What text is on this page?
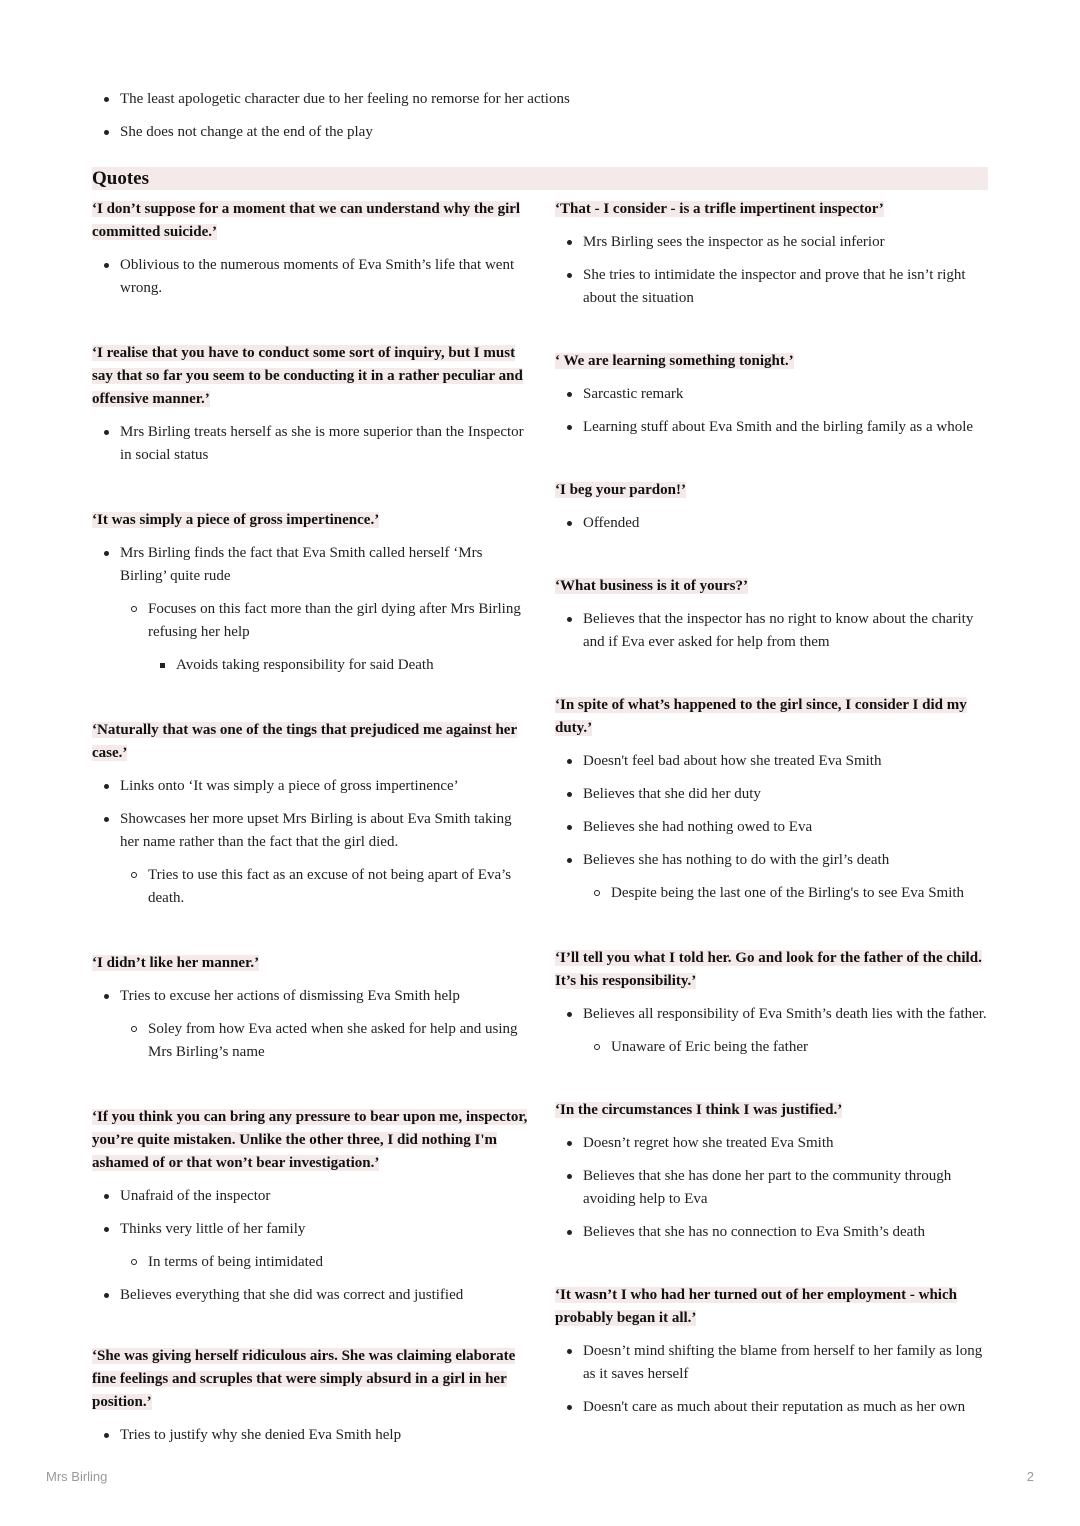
The least apologetic character due to her feeling no remorse for her actions
She does not change at the end of the play
Quotes

‘I don’t suppose for a moment that we can understand why the girl committed suicide.’

Oblivious to the numerous moments of Eva Smith’s life that went wrong.

‘I realise that you have to conduct some sort of inquiry, but I must say that so far you seem to be conducting it in a rather peculiar and offensive manner.’

Mrs Birling treats herself as she is more superior than the Inspector in social status

‘It was simply a piece of gross impertinence.’

Mrs Birling finds the fact that Eva Smith called herself ‘Mrs Birling’ quite rude
Focuses on this fact more than the girl dying after Mrs Birling refusing her help
Avoids taking responsibility for said Death

‘Naturally that was one of the tings that prejudiced me against her case.’

Links onto ‘It was simply a piece of gross impertinence’
Showcases her more upset Mrs Birling is about Eva Smith taking her name rather than the fact that the girl died.
Tries to use this fact as an excuse of not being apart of Eva’s death.

‘I didn’t like her manner.’

Tries to excuse her actions of dismissing Eva Smith help
Soley from how Eva acted when she asked for help and using Mrs Birling’s name

‘If you think you can bring any pressure to bear upon me, inspector, you’re quite mistaken. Unlike the other three, I did nothing I'm ashamed of or that won’t bear investigation.’

Unafraid of the inspector
Thinks very little of her family
In terms of being intimidated
Believes everything that she did was correct and justified

‘She was giving herself ridiculous airs. She was claiming elaborate fine feelings and scruples that were simply absurd in a girl in her position.’

Tries to justify why she denied Eva Smith help

‘That - I consider - is a trifle impertinent inspector’

Mrs Birling sees the inspector as he social inferior
She tries to intimidate the inspector and prove that he isn’t right about the situation

‘ We are learning something tonight.’

Sarcastic remark
Learning stuff about Eva Smith and the birling family as a whole

‘I beg your pardon!’

Offended

‘What business is it of yours?’

Believes that the inspector has no right to know about the charity and if Eva ever asked for help from them

‘In spite of what’s happened to the girl since, I consider I did my duty.’

Doesn't feel bad about how she treated Eva Smith
Believes that she did her duty
Believes she had nothing owed to Eva
Believes she has nothing to do with the girl’s death
Despite being the last one of the Birling's to see Eva Smith

‘I’ll tell you what I told her. Go and look for the father of the child. It’s his responsibility.’

Believes all responsibility of Eva Smith’s death lies with the father.
Unaware of Eric being the father

‘In the circumstances I think I was justified.’

Doesn’t regret how she treated Eva Smith
Believes that she has done her part to the community through avoiding help to Eva
Believes that she has no connection to Eva Smith’s death

‘It wasn’t I who had her turned out of her employment - which probably began it all.’

Doesn’t mind shifting the blame from herself to her family as long as it saves herself
Doesn't care as much about their reputation as much as her own
Mrs Birling	2
